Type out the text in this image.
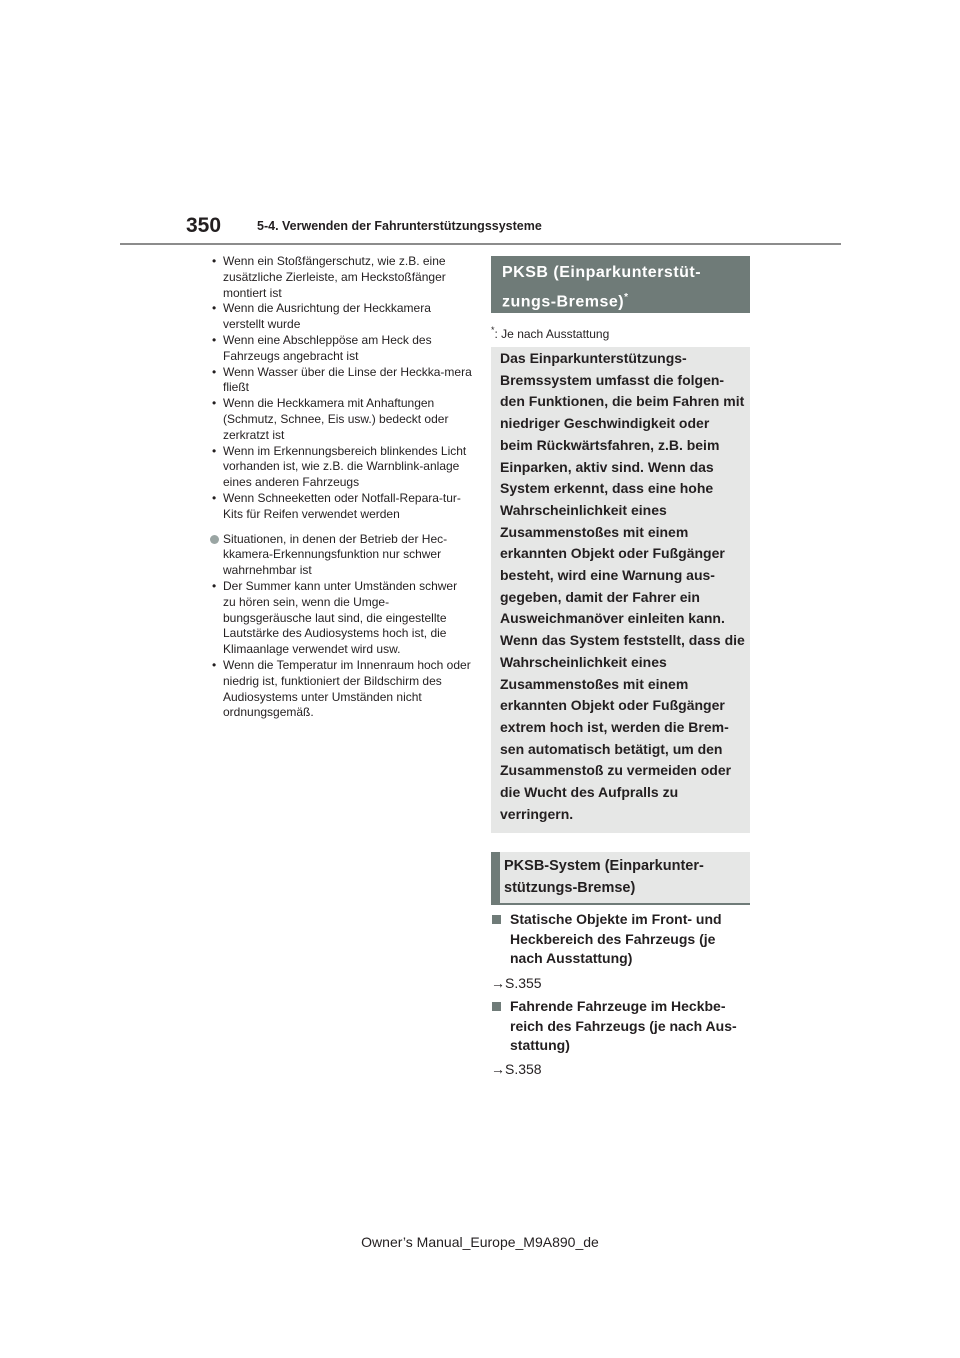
350	5-4. Verwenden der Fahrunterstützungssysteme
• Wenn ein Stoßfängerschutz, wie z.B. eine zusätzliche Zierleiste, am Heckstoßfänger montiert ist
• Wenn die Ausrichtung der Heckkamera verstellt wurde
• Wenn eine Abschleppöse am Heck des Fahrzeugs angebracht ist
• Wenn Wasser über die Linse der Heckka-mera fließt
• Wenn die Heckkamera mit Anhaftungen (Schmutz, Schnee, Eis usw.) bedeckt oder zerkratzt ist
• Wenn im Erkennungsbereich blinkendes Licht vorhanden ist, wie z.B. die Warnblink-anlage eines anderen Fahrzeugs
• Wenn Schneeketten oder Notfall-Repara-tur-Kits für Reifen verwendet werden
Situationen, in denen der Betrieb der Hec-kkamera-Erkennungsfunktion nur schwer wahrnehmbar ist
• Der Summer kann unter Umständen schwer zu hören sein, wenn die Umge-bungsgeräusche laut sind, die eingestellte Lautstärke des Audiosystems hoch ist, die Klimaanlage verwendet wird usw.
• Wenn die Temperatur im Innenraum hoch oder niedrig ist, funktioniert der Bildschirm des Audiosystems unter Umständen nicht ordnungsgemäß.
PKSB (Einparkunterstüt-zungs-Bremse)*
*: Je nach Ausstattung
Das Einparkunterstützungs-Bremssystem umfasst die folgen-den Funktionen, die beim Fahren mit niedriger Geschwindigkeit oder beim Rückwärtsfahren, z.B. beim Einparken, aktiv sind. Wenn das System erkennt, dass eine hohe Wahrscheinlichkeit eines Zusammenstoßes mit einem erkannten Objekt oder Fußgänger besteht, wird eine Warnung aus-gegeben, damit der Fahrer ein Ausweichmanöver einleiten kann. Wenn das System feststellt, dass die Wahrscheinlichkeit eines Zusammenstoßes mit einem erkannten Objekt oder Fußgänger extrem hoch ist, werden die Brem-sen automatisch betätigt, um den Zusammenstoß zu vermeiden oder die Wucht des Aufpralls zu verringern.
PKSB-System (Einparkunter-stützungs-Bremse)
Statische Objekte im Front- und Heckbereich des Fahrzeugs (je nach Ausstattung)
→S.355
Fahrende Fahrzeuge im Heckbe-reich des Fahrzeugs (je nach Aus-stattung)
→S.358
Owner’s Manual_Europe_M9A890_de
